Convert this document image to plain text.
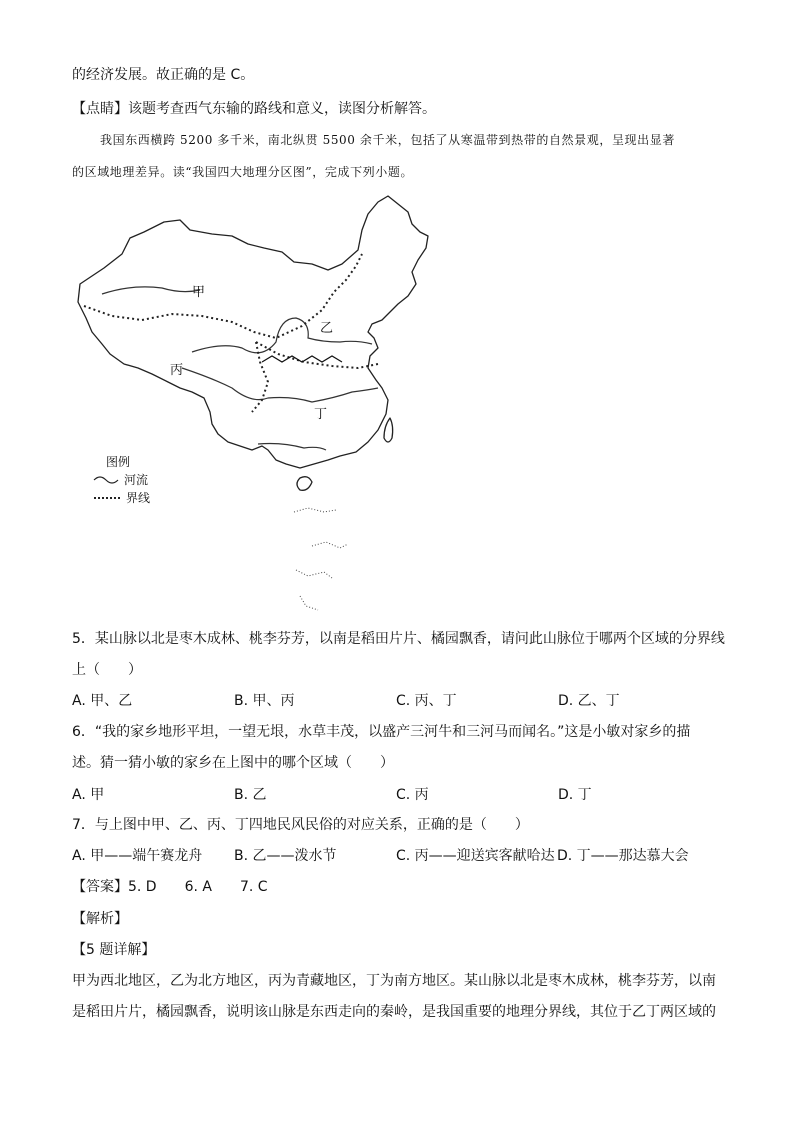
的经济发展。故正确的是 C。
【点睛】该题考查西气东输的路线和意义，读图分析解答。
我国东西横跨 5200 多千米，南北纵贯 5500 余千米，包括了从寒温带到热带的自然景观，呈现出显著
的区域地理差异。读“我国四大地理分区图”，完成下列小题。
甲
乙
丙
丁
图例
河流
界线
5．某山脉以北是枣木成林、桃李芬芳，以南是稻田片片、橘园飘香，请问此山脉位于哪两个区域的分界线
上（　　）
A. 甲、乙	B. 甲、丙	C. 丙、丁	D. 乙、丁
6．“我的家乡地形平坦，一望无垠，水草丰茂，以盛产三河牛和三河马而闻名。”这是小敏对家乡的描
述。猜一猜小敏的家乡在上图中的哪个区域（　　）
A. 甲	B. 乙	C. 丙	D. 丁
7．与上图中甲、乙、丙、丁四地民风民俗的对应关系，正确的是（　　）
A. 甲——端午赛龙舟 B. 乙——泼水节	C. 丙——迎送宾客献哈达 D. 丁——那达慕大会
【答案】5. D 6. A 7. C
【解析】
【5 题详解】
甲为西北地区，乙为北方地区，丙为青藏地区，丁为南方地区。某山脉以北是枣木成林，桃李芬芳，以南
是稻田片片，橘园飘香，说明该山脉是东西走向的秦岭，是我国重要的地理分界线，其位于乙丁两区域的
